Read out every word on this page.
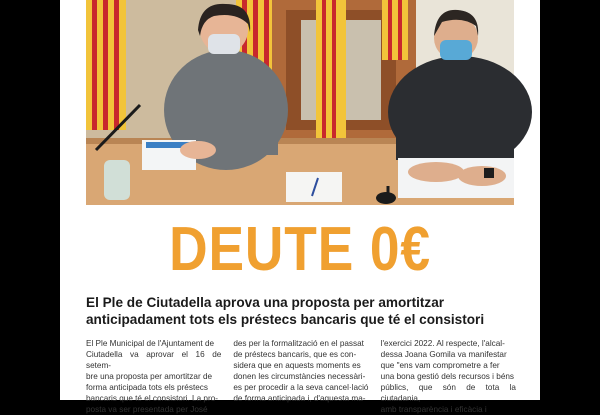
DEUTE 0€
El Ple de Ciutadella aprova una proposta per amortitzar
anticipadament tots els préstecs bancaris que té el consistori
El Ple Municipal de l'Ajuntament de
Ciutadella va aprovar el 16 de setem-
bre una proposta per amortitzar de
forma anticipada tots els préstecs
bancaris que té el consistori. La pro-
posta va ser presentada per José
des per la formalització en el passat
de préstecs bancaris, que es con-
sidera que en aquests moments es
donen les circumstàncies necessàri-
es per procedir a la seva cancel·lació
de forma anticipada i, d'aquesta ma-
l'exercici 2022. Al respecte, l'alcal-
dessa Joana Gomila va manifestar
que "ens vam comprometre a fer
una bona gestió dels recursos i béns
públics, que són de tota la ciutadania,
amb transparència i eficàcia i
